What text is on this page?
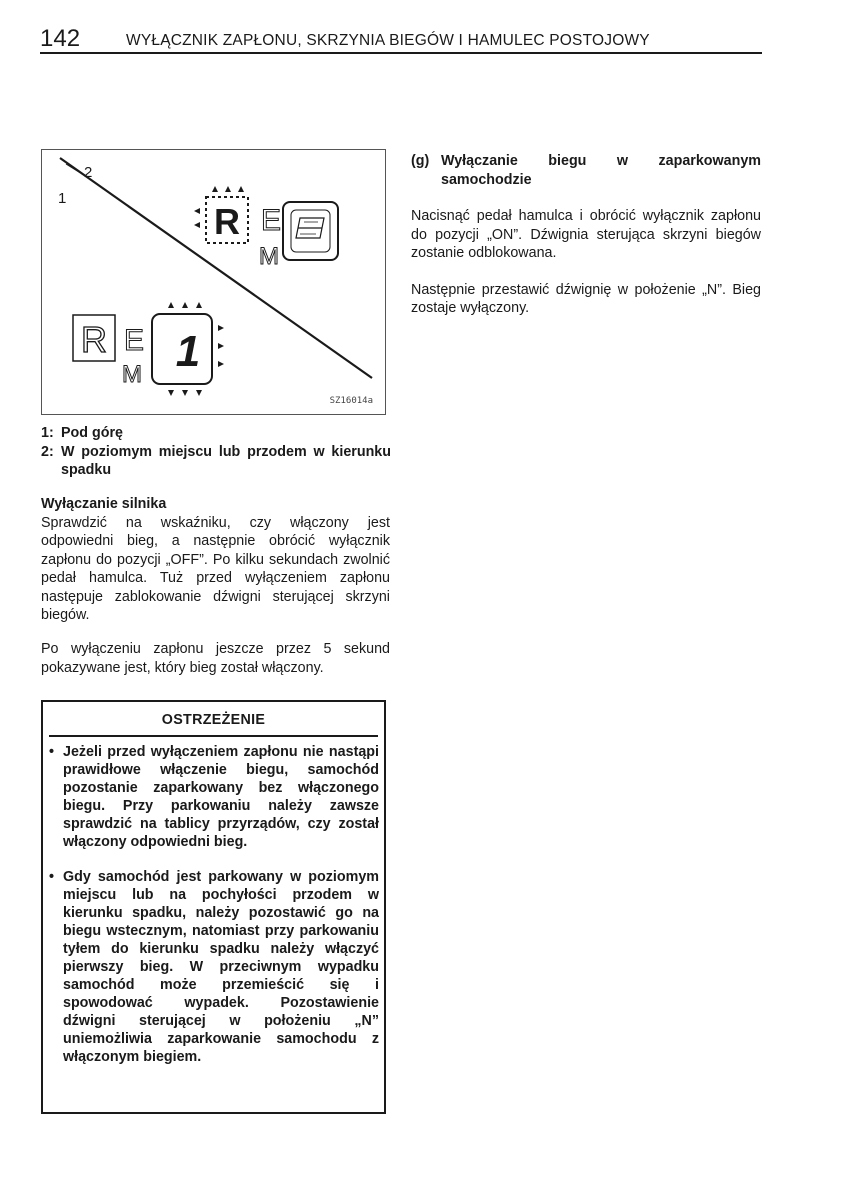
142	WYŁĄCZNIK ZAPŁONU, SKRZYNIA BIEGÓW I HAMULEC POSTOJOWY
1
2
R E
M
R E
M 1
SZ16014a
1: Pod górę
2: W poziomym miejscu lub przodem w kierunku spadku
Wyłączanie silnika
Sprawdzić na wskaźniku, czy włączony jest odpowiedni bieg, a następnie obrócić wyłącznik zapłonu do pozycji „OFF”. Po kilku sekundach zwolnić pedał hamulca. Tuż przed wyłączeniem zapłonu następuje zablokowanie dźwigni sterującej skrzyni biegów.
Po wyłączeniu zapłonu jeszcze przez 5 sekund pokazywane jest, który bieg został włączony.
OSTRZEŻENIE
• Jeżeli przed wyłączeniem zapłonu nie nastąpi prawidłowe włączenie biegu, samochód pozostanie zaparkowany bez włączonego biegu. Przy parkowaniu należy zawsze sprawdzić na tablicy przyrządów, czy został włączony odpowiedni bieg.
• Gdy samochód jest parkowany w poziomym miejscu lub na pochyłości przodem w kierunku spadku, należy pozostawić go na biegu wstecznym, natomiast przy parkowaniu tyłem do kierunku spadku należy włączyć pierwszy bieg. W przeciwnym wypadku samochód może przemieścić się i spowodować wypadek. Pozostawienie dźwigni sterującej w położeniu „N” uniemożliwia zaparkowanie samochodu z włączonym biegiem.
(g) Wyłączanie biegu w zaparkowanym samochodzie
Nacisnąć pedał hamulca i obrócić wyłącznik zapłonu do pozycji „ON”. Dźwignia sterująca skrzyni biegów zostanie odblokowana.
Następnie przestawić dźwignię w położenie „N”. Bieg zostaje wyłączony.
